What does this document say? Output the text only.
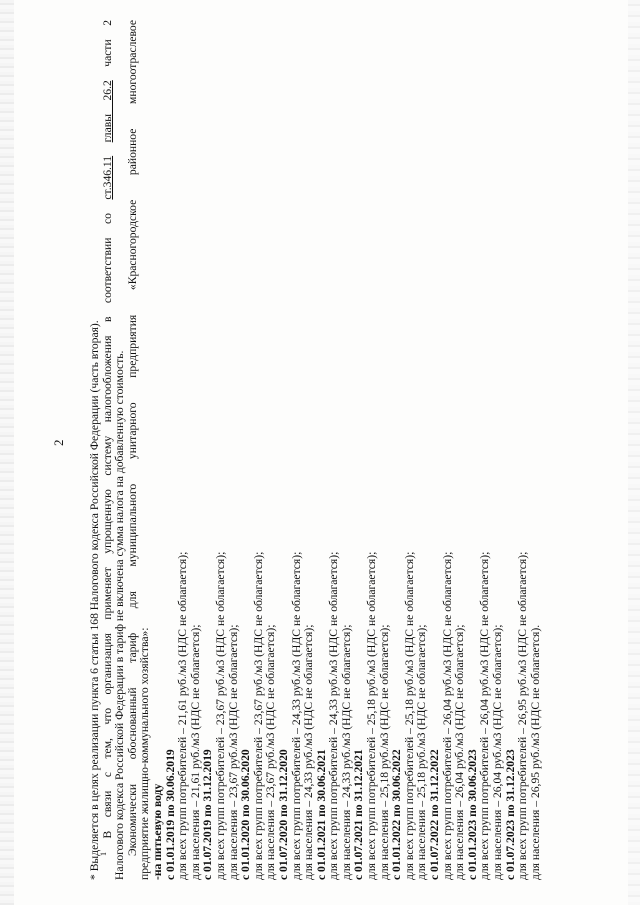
2 * Выделяется в целях реализации пункта 6 статьи 168 Налогового кодекса Российской Федерации (часть вторая).
$^1$ В связи с тем, что организация применяет упрощенную систему налогообложения в соответствии со ст.346.11 главы 26.2 части 2
Налогового кодекса Российской Федерации в тариф не включена сумма налога на добавленную стоимость. Экономически обоснованный тариф для муниципального унитарного предприятия «Красногородское районное многоотраслевое предприятие жилищно-коммунального хозяйства»: -на питьевую воду с 01.01.2019 по 30.06.2019 для всех групп потребителей – 21,61 руб./м3 (НДС не облагается); для населения – 21,61 руб./м3 (НДС не облагается); с 01.07.2019 по 31.12.2019 для всех групп потребителей – 23,67 руб./м3 (НДС не облагается); для населения – 23,67 руб./м3 (НДС не облагается); с 01.01.2020 по 30.06.2020 для всех групп потребителей – 23,67 руб./м3 (НДС не облагается); для населения – 23,67 руб./м3 (НДС не облагается); с 01.07.2020 по 31.12.2020 для всех групп потребителей – 24,33 руб./м3 (НДС не облагается); для населения – 24,33 руб./м3 (НДС не облагается); с 01.01.2021 по 30.06.2021 для всех групп потребителей – 24,33 руб./м3 (НДС не облагается); для населения – 24,33 руб./м3 (НДС не облагается); с 01.07.2021 по 31.12.2021 для всех групп потребителей – 25,18 руб./м3 (НДС не облагается); для населения – 25,18 руб./м3 (НДС не облагается); с 01.01.2022 по 30.06.2022 для всех групп потребителей – 25,18 руб./м3 (НДС не облагается); для населения – 25,18 руб./м3 (НДС не облагается); с 01.07.2022 по 31.12.2022 для всех групп потребителей – 26,04 руб./м3 (НДС не облагается); для населения – 26,04 руб./м3 (НДС не облагается); с 01.01.2023 по 30.06.2023 для всех групп потребителей – 26,04 руб./м3 (НДС не облагается); для населения – 26,04 руб./м3 (НДС не облагается); с 01.07.2023 по 31.12.2023 для всех групп потребителей – 26,95 руб./м3 (НДС не облагается); для населения – 26,95 руб./м3 (НДС не облагается).
